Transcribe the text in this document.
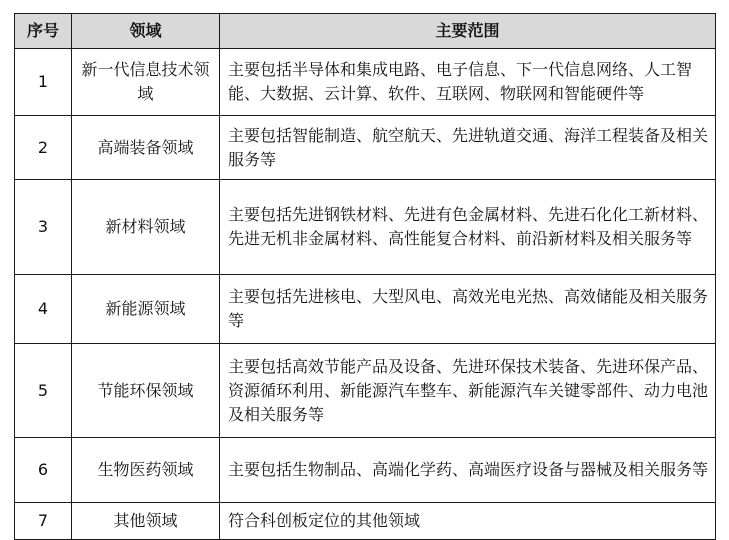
序号	领域	主要范围
1	新一代信息技术领域	主要包括半导体和集成电路、电子信息、下一代信息网络、人工智能、大数据、云计算、软件、互联网、物联网和智能硬件等
2	高端装备领域	主要包括智能制造、航空航天、先进轨道交通、海洋工程装备及相关服务等
3	新材料领域	主要包括先进钢铁材料、先进有色金属材料、先进石化化工新材料、先进无机非金属材料、高性能复合材料、前沿新材料及相关服务等
4	新能源领域	主要包括先进核电、大型风电、高效光电光热、高效储能及相关服务等
5	节能环保领域	主要包括高效节能产品及设备、先进环保技术装备、先进环保产品、资源循环利用、新能源汽车整车、新能源汽车关键零部件、动力电池及相关服务等
6	生物医药领域	主要包括生物制品、高端化学药、高端医疗设备与器械及相关服务等
7	其他领域	符合科创板定位的其他领域
